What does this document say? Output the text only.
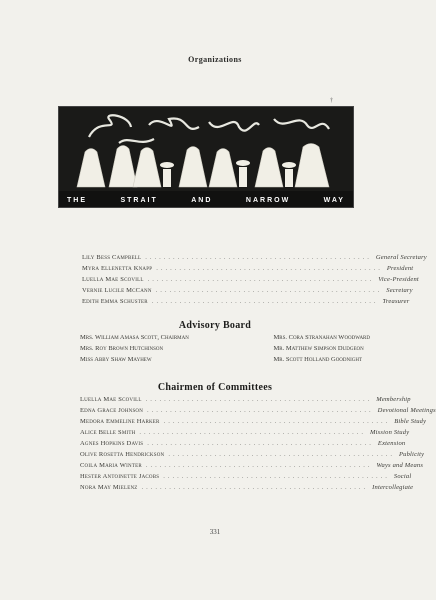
Organizations
†
THE	STRAIT	AND	NARROW	WAY
Lily Bess Campbell ................................................. General Secretary
Myra Ellenetta Knapp ................................................. President
Luella Mae Scovill ................................................. Vice-President
Vernie Lucile McCann ................................................. Secretary
Edith Emma Schuster ................................................. Treasurer
Advisory Board
Mrs. William Amasa Scott, Chairman
Mrs. Roy Brown Hutchinson
Miss Abby Shaw Mayhew
Mrs. Cora Stranahan Woodward
Mr. Matthew Simpson Dudgeon
Mr. Scott Holland Goodnight
Chairmen of Committees
Luella Mae Scovill ................................................. Membership
Edna Grace Johnson ................................................. Devotional Meetings
Medora Emmeline Harker ................................................. Bible Study
Alice Belle Smith ................................................. Mission Study
Agnes Hopkins Davis ................................................. Extension
Olive Rosetta Hendrickson ................................................. Publicity
Coila Maria Winter ................................................. Ways and Means
Hester Antoinette Jacobs ................................................. Social
Nora May Mielenz ................................................. Intercollegiate
331
